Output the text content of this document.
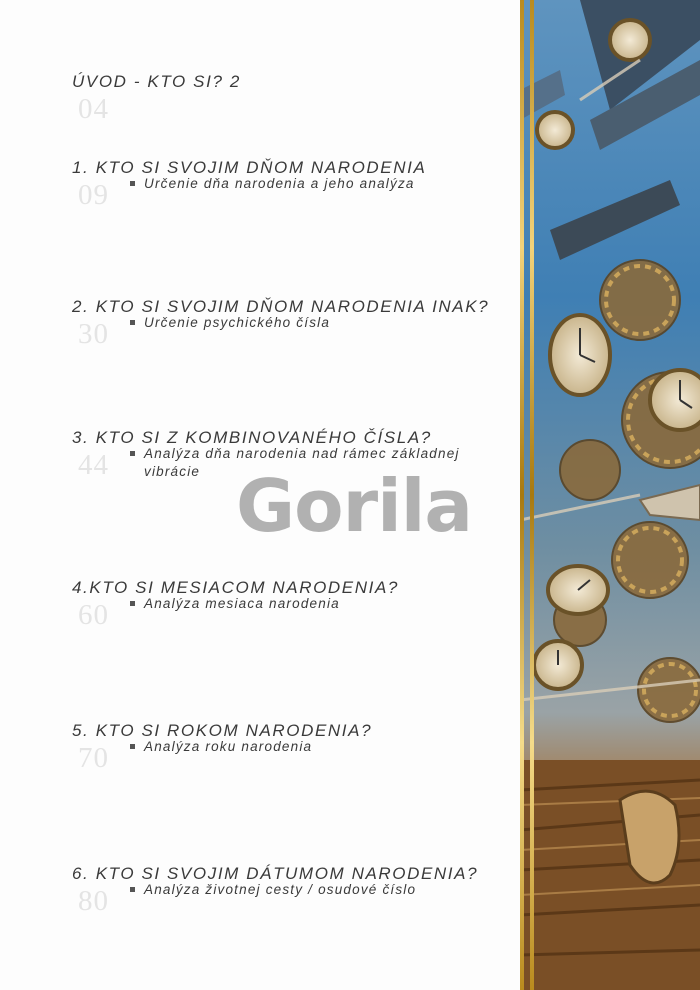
ÚVOD - KTO SI? 2
04
1. KTO SI SVOJIM DŇOM NARODENIA
09	Určenie dňa narodenia a jeho analýza
2. KTO SI SVOJIM DŇOM NARODENIA INAK?
30	Určenie psychického čísla
3. KTO SI Z KOMBINOVANÉHO ČÍSLA?
44	Analýza dňa narodenia nad rámec základnej vibrácie
4.KTO SI MESIACOM NARODENIA?
60	Analýza mesiaca narodenia
5. KTO SI ROKOM NARODENIA?
70	Analýza roku narodenia
6. KTO SI SVOJIM DÁTUMOM NARODENIA?
80	Analýza životnej cesty / osudové číslo
Gorila
